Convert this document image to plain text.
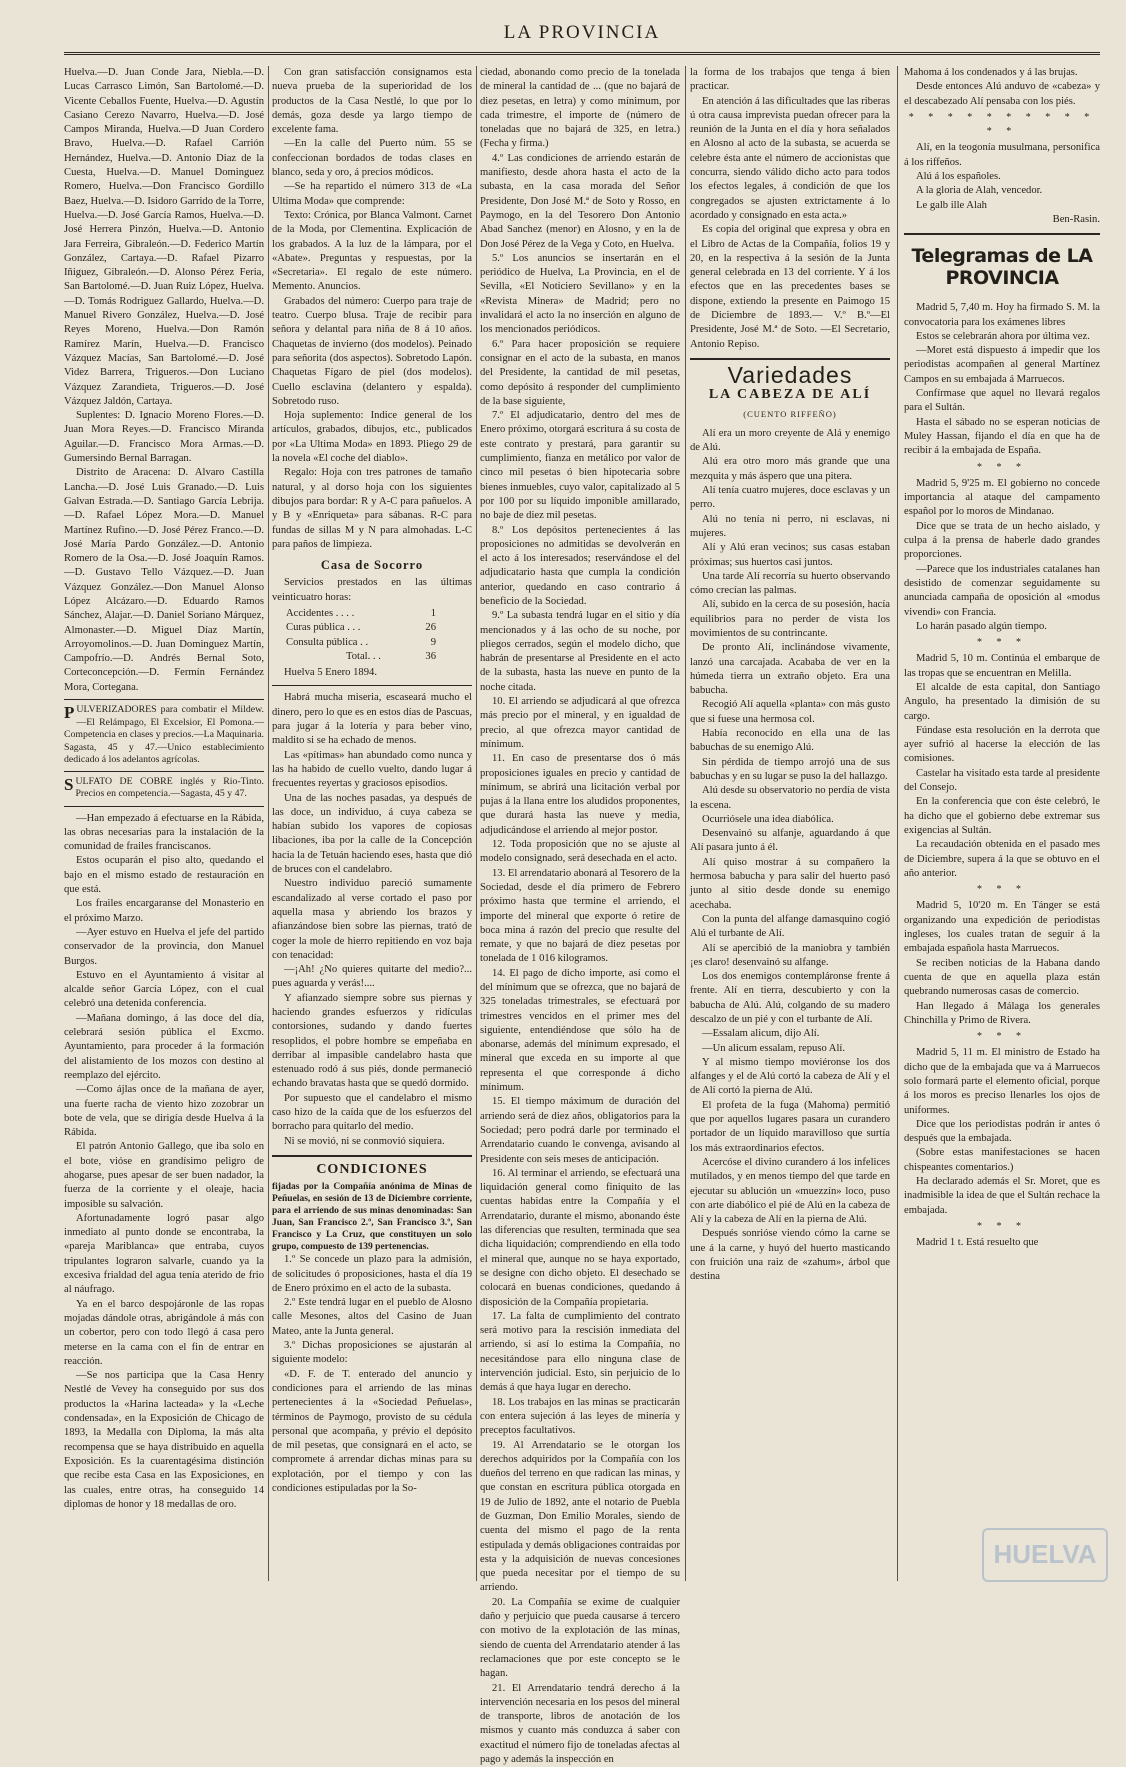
LA PROVINCIA

Huelva.—D. Juan Conde Jara, Niebla.—D. Lucas Carrasco Limón, San Bartolomé.—D. Vicente Ceballos Fuente, Huelva.—D. Agustín Casiano Cerezo Navarro, Huelva.—D. José Campos Miranda, Huelva.—D Juan Cordero Bravo, Huelva.—D. Rafael Carrión Hernández, Huelva.—D. Antonio Diaz de la Cuesta, Huelva.—D. Manuel Dominguez Romero, Huelva.—Don Francisco Gordillo Baez, Huelva.—D. Isidoro Garrido de la Torre, Huelva.—D. José García Ramos, Huelva.—D. José Herrera Pinzón, Huelva.—D. Antonio Jara Ferreira, Gibraleón.—D. Federico Martín González, Cartaya.—D. Rafael Pizarro Iñiguez, Gibraleón.—D. Alonso Pérez Feria, San Bartolomé.—D. Juan Ruiz López, Huelva.—D. Tomás Rodriguez Gallardo, Huelva.—D. Manuel Rivero González, Huelva.—D. José Reyes Moreno, Huelva.—Don Ramón Ramírez Marín, Huelva.—D. Francisco Vázquez Macías, San Bartolomé.—D. José Videz Barrera, Trigueros.—Don Luciano Vázquez Zarandieta, Trigueros.—D. José Vázquez Jaldón, Cartaya.

Suplentes: D. Ignacio Moreno Flores.—D. Juan Mora Reyes.—D. Francisco Miranda Aguilar.—D. Francisco Mora Armas.—D. Gumersindo Bernal Barragan.

Distrito de Aracena: D. Alvaro Castilla Lancha.—D. José Luis Granado.—D. Luis Galvan Estrada.—D. Santiago García Lebrija.—D. Rafael López Mora.—D. Manuel Martínez Rufino.—D. José Pérez Franco.—D. José María Pardo González.—D. Antonio Romero de la Osa.—D. José Joaquín Ramos.—D. Gustavo Tello Vázquez.—D. Juan Vázquez González.—Don Manuel Alonso López Alcázaro.—D. Eduardo Ramos Sánchez, Alajar.—D. Daniel Soriano Márquez, Almonaster.—D. Miguel Díaz Martín, Arroyomolinos.—D. Juan Dominguez Martín, Campofrío.—D. Andrés Bernal Soto, Corteconcepción.—D. Fermín Fernández Mora, Cortegana.

PULVERIZADORES para combatir el Mildew.—El Relámpago, El Excelsior, El Pomona.—Competencia en clases y precios.—La Maquinaria. Sagasta, 45 y 47.—Unico establecimiento dedicado á los adelantos agrícolas.
SULFATO DE COBRE inglés y Rio-Tinto. Precios en competencia.—Sagasta, 45 y 47.

—Han empezado á efectuarse en la Rábida, las obras necesarias para la instalación de la comunidad de frailes franciscanos.

Estos ocuparán el piso alto, quedando el bajo en el mismo estado de restauración en que está.

Los frailes encargaranse del Monasterio en el próximo Marzo.

—Ayer estuvo en Huelva el jefe del partido conservador de la provincia, don Manuel Burgos.

Estuvo en el Ayuntamiento á visitar al alcalde señor García López, con el cual celebró una detenida conferencia.

—Mañana domingo, á las doce del día, celebrará sesión pública el Excmo. Ayuntamiento, para proceder á la formación del alistamiento de los mozos con destino al reemplazo del ejército.

—Como ájlas once de la mañana de ayer, una fuerte racha de viento hizo zozobrar un bote de vela, que se dirigía desde Huelva á la Rábida.

El patrón Antonio Gallego, que iba solo en el bote, vióse en grandísimo peligro de ahogarse, pues apesar de ser buen nadador, la fuerza de la corriente y el oleaje, hacia imposible su salvación.

Afortunadamente logró pasar algo inmediato al punto donde se encontraba, la «pareja Mariblanca» que entraba, cuyos tripulantes lograron salvarle, cuando ya la excesiva frialdad del agua tenía aterido de frio al náufrago.

Ya en el barco despojáronle de las ropas mojadas dándole otras, abrigándole á más con un cobertor, pero con todo llegó á casa pero meterse en la cama con el fin de entrar en reacción.

—Se nos participa que la Casa Henry Nestlé de Vevey ha conseguido por sus dos productos la «Harina lacteada» y la «Leche condensada», en la Exposición de Chicago de 1893, la Medalla con Diploma, la más alta recompensa que se haya distribuido en aquella Exposición. Es la cuarentagésima distinción que recibe esta Casa en las Exposiciones, en las cuales, entre otras, ha conseguido 14 diplomas de honor y 18 medallas de oro.

Con gran satisfacción consignamos esta nueva prueba de la superioridad de los productos de la Casa Nestlé, lo que por lo demás, goza desde ya largo tiempo de excelente fama.

—En la calle del Puerto núm. 55 se confeccionan bordados de todas clases en blanco, seda y oro, á precios módicos.

—Se ha repartido el número 313 de «La Ultima Moda» que comprende:

Texto: Crónica, por Blanca Valmont. Carnet de la Moda, por Clementina. Explicación de los grabados. A la luz de la lámpara, por el «Abate». Preguntas y respuestas, por la «Secretaria». El regalo de este número. Memento. Anuncios.

Grabados del número: Cuerpo para traje de teatro. Cuerpo blusa. Traje de recibir para señora y delantal para niña de 8 á 10 años. Chaquetas de invierno (dos modelos). Peinado para señorita (dos aspectos). Sobretodo Lapón. Chaquetas Fígaro de piel (dos modelos). Cuello esclavina (delantero y espalda). Sobretodo ruso.

Hoja suplemento: Indice general de los artículos, grabados, dibujos, etc., publicados por «La Ultima Moda» en 1893. Pliego 29 de la novela «El coche del diablo».

Regalo: Hoja con tres patrones de tamaño natural, y al dorso hoja con los siguientes dibujos para bordar: R y A-C para pañuelos. A y B y «Enriqueta» para sábanas. R-C para fundas de sillas M y N para almohadas. L-C para paños de limpieza.

Casa de Socorro

Servicios prestados en las últimas veinticuatro horas:

Accidentes . . . .	1
Curas pública . . .	26
Consulta pública . .	9
Total. . .	36

Huelva 5 Enero 1894.

Habrá mucha miseria, escaseará mucho el dinero, pero lo que es en estos días de Pascuas, para jugar á la lotería y para beber vino, maldito si se ha echado de menos.

Las «pítimas» han abundado como nunca y las ha habido de cuello vuelto, dando lugar á frecuentes reyertas y graciosos episodios.

Una de las noches pasadas, ya después de las doce, un individuo, á cuya cabeza se habían subido los vapores de copiosas libaciones, iba por la calle de la Concepción hacia la de Tetuán haciendo eses, hasta que dió de bruces con el candelabro.

Nuestro individuo pareció sumamente escandalizado al verse cortado el paso por aquella masa y abriendo los brazos y afianzándose bien sobre las piernas, trató de coger la mole de hierro repitiendo en voz baja con tenacidad:

—¡Ah! ¿No quieres quitarte del medio?... pues aguarda y verás!....

Y afianzado siempre sobre sus piernas y haciendo grandes esfuerzos y ridículas contorsiones, sudando y dando fuertes resoplidos, el pobre hombre se empeñaba en derribar al impasible candelabro hasta que estenuado rodó á sus piés, donde permaneció echando bravatas hasta que se quedó dormido.

Por supuesto que el candelabro el mismo caso hizo de la caída que de los esfuerzos del borracho para quitarlo del medio.

Ni se movió, ni se conmovió siquiera.

CONDICIONES

fijadas por la Compañía anónima de Minas de Peñuelas, en sesión de 13 de Diciembre corriente, para el arriendo de sus minas denominadas: San Juan, San Francisco 2.º, San Francisco 3.º, San Francisco y La Cruz, que constituyen un solo grupo, compuesto de 139 pertenencias.

1.º Se concede un plazo para la admisión, de solicitudes ó proposiciones, hasta el día 19 de Enero próximo en el acto de la subasta.

2.º Este tendrá lugar en el pueblo de Alosno calle Mesones, altos del Casino de Juan Mateo, ante la Junta general.

3.º Dichas proposiciones se ajustarán al siguiente modelo:

«D. F. de T. enterado del anuncio y condiciones para el arriendo de las minas pertenecientes á la «Sociedad Peñuelas», términos de Paymogo, provisto de su cédula personal que acompaña, y prévio el depósito de mil pesetas, que consignará en el acto, se compromete á arrendar dichas minas para su explotación, por el tiempo y con las condiciones estipuladas por la So-

ciedad, abonando como precio de la tonelada de mineral la cantidad de ... (que no bajará de diez pesetas, en letra) y como mínimum, por cada trimestre, el importe de (número de toneladas que no bajará de 325, en letra.) (Fecha y firma.)

4.º Las condiciones de arriendo estarán de manifiesto, desde ahora hasta el acto de la subasta, en la casa morada del Señor Presidente, Don José M.ª de Soto y Rosso, en Paymogo, en la del Tesorero Don Antonio Abad Sanchez (menor) en Alosno, y en la de Don José Pérez de la Vega y Coto, en Huelva.

5.º Los anuncios se insertarán en el periódico de Huelva, La Provincia, en el de Sevilla, «El Noticiero Sevillano» y en la «Revista Minera» de Madrid; pero no invalidará el acto la no inserción en alguno de los mencionados periódicos.

6.º Para hacer proposición se requiere consignar en el acto de la subasta, en manos del Presidente, la cantidad de mil pesetas, como depósito á responder del cumplimiento de la base siguiente,

7.º El adjudicatario, dentro del mes de Enero próximo, otorgará escritura á su costa de este contrato y prestará, para garantir su cumplimiento, fianza en metálico por valor de cinco mil pesetas ó bien hipotecaria sobre bienes inmuebles, cuyo valor, capitalizado al 5 por 100 por su líquido imponible amillarado, no baje de diez mil pesetas.

8.º Los depósitos pertenecientes á las proposiciones no admitidas se devolverán en el acto á los interesados; reservándose el del adjudicatario hasta que cumpla la condición anterior, quedando en caso contrario á beneficio de la Sociedad.

9.º La subasta tendrá lugar en el sitio y día mencionados y á las ocho de su noche, por pliegos cerrados, según el modelo dicho, que habrán de presentarse al Presidente en el acto de la subasta, hasta las nueve en punto de la noche citada.

10. El arriendo se adjudicará al que ofrezca más precio por el mineral, y en igualdad de precio, al que ofrezca mayor cantidad de mínimum.

11. En caso de presentarse dos ó más proposiciones iguales en precio y cantidad de mínimum, se abrirá una licitación verbal por pujas á la llana entre los aludidos proponentes, que durará hasta las nueve y media, adjudicándose el arriendo al mejor postor.

12. Toda proposición que no se ajuste al modelo consignado, será desechada en el acto.

13. El arrendatario abonará al Tesorero de la Sociedad, desde el día primero de Febrero próximo hasta que termine el arriendo, el importe del mineral que exporte ó retire de boca mina á razón del precio que resulte del remate, y que no bajará de diez pesetas por tonelada de 1 016 kilogramos.

14. El pago de dicho importe, así como el del mínimum que se ofrezca, que no bajará de 325 toneladas trimestrales, se efectuará por trimestres vencidos en el primer mes del siguiente, entendiéndose que sólo ha de abonarse, además del mínimum expresado, el mineral que exceda en su importe al que representa el que corresponde á dicho mínimum.

15. El tiempo máximum de duración del arriendo será de diez años, obligatorios para la Sociedad; pero podrá darle por terminado el Arrendatario cuando le convenga, avisando al Presidente con seis meses de anticipación.

16. Al terminar el arriendo, se efectuará una liquidación general como finiquito de las cuentas habidas entre la Compañía y el Arrendatario, durante el mismo, abonando éste las diferencias que resulten, terminada que sea dicha liquidación; comprendiendo en ella todo el mineral que, aunque no se haya exportado, se designe con dicho objeto. El desechado se colocará en buenas condiciones, quedando á disposición de la Compañía propietaria.

17. La falta de cumplimiento del contrato será motivo para la rescisión inmediata del arriendo, si así lo estima la Compañía, no necesitándose para ello ninguna clase de intervención judicial. Esto, sin perjuicio de lo demás á que haya lugar en derecho.

18. Los trabajos en las minas se practicarán con entera sujeción á las leyes de minería y preceptos facultativos.

19. Al Arrendatario se le otorgan los derechos adquiridos por la Compañía con los dueños del terreno en que radican las minas, y que constan en escritura pública otorgada en 19 de Julio de 1892, ante el notario de Puebla de Guzman, Don Emilio Morales, siendo de cuenta del mismo el pago de la renta estipulada y demás obligaciones contraidas por esta y la adquisición de nuevas concesiones que pueda necesitar por el tiempo de su arriendo.

20. La Compañía se exime de cualquier daño y perjuicio que pueda causarse á tercero con motivo de la explotación de las minas, siendo de cuenta del Arrendatario atender á las reclamaciones que por este concepto se le hagan.

21. El Arrendatario tendrá derecho á la intervención necesaria en los pesos del mineral de transporte, libros de anotación de los mismos y cuanto más conduzca á saber con exactitud el número fijo de toneladas afectas al pago y además la inspección en

la forma de los trabajos que tenga á bien practicar.

En atención á las dificultades que las riberas ú otra causa imprevista puedan ofrecer para la reunión de la Junta en el día y hora señalados en Alosno al acto de la subasta, se acuerda se celebre ésta ante el número de accionistas que concurra, siendo válido dicho acto para todos los efectos legales, á condición de que los congregados se ajusten extrictamente á lo acordado y consignado en esta acta.»

Es copia del original que expresa y obra en el Libro de Actas de la Compañía, folios 19 y 20, en la respectiva á la sesión de la Junta general celebrada en 13 del corriente. Y á los efectos que en las precedentes bases se dispone, extiendo la presente en Paimogo 15 de Diciembre de 1893.— V.º B.º—El Presidente, José M.ª de Soto. —El Secretario, Antonio Repiso.

Variedades
LA CABEZA DE ALÍ
(CUENTO RIFFEÑO)

Alí era un moro creyente de Alá y enemigo de Alú.

Alú era otro moro más grande que una mezquita y más áspero que una pitera.

Alí tenía cuatro mujeres, doce esclavas y un perro.

Alú no tenía ni perro, ni esclavas, ni mujeres.

Alí y Alú eran vecinos; sus casas estaban próximas; sus huertos casi juntos.

Una tarde Alí recorría su huerto observando cómo crecían las palmas.

Alí, subido en la cerca de su posesión, hacía equilibrios para no perder de vista los movimientos de su contrincante.

De pronto Alí, inclinándose vivamente, lanzó una carcajada. Acababa de ver en la húmeda tierra un extraño objeto. Era una babucha.

Recogió Alí aquella «planta» con más gusto que si fuese una hermosa col.

Había reconocido en ella una de las babuchas de su enemigo Alú.

Sin pérdida de tiempo arrojó una de sus babuchas y en su lugar se puso la del hallazgo.

Alú desde su observatorio no perdía de vista la escena.

Ocurriósele una idea diabólica.

Desenvainó su alfanje, aguardando á que Alí pasara junto á él.

Alí quiso mostrar á su compañero la hermosa babucha y para salir del huerto pasó junto al sitio desde donde su enemigo acechaba.

Con la punta del alfange damasquino cogió Alú el turbante de Alí.

Alí se apercibió de la maniobra y también ¡es claro! desenvainó su alfange.

Los dos enemigos contempláronse frente á frente. Alí en tierra, descubierto y con la babucha de Alú. Alú, colgando de su madero descalzo de un pié y con el turbante de Alí.

—Essalam alicum, dijo Alí.

—Un alicum essalam, repuso Alí.

Y al mismo tiempo moviéronse los dos alfanges y el de Alú cortó la cabeza de Alí y el de Alí cortó la pierna de Alú.

El profeta de la fuga (Mahoma) permitió que por aquellos lugares pasara un curandero portador de un líquido maravilloso que surtía los más extraordinarios efectos.

Acercóse el divino curandero á los infelices mutilados, y en menos tiempo del que tarde en ejecutar su ablución un «muezzín» loco, puso con arte diabólico el pié de Alú en la cabeza de Alí y la cabeza de Alí en la pierna de Alú.

Después sonrióse viendo cómo la carne se une á la carne, y huyó del huerto masticando con fruición una raiz de «zahum», árbol que destina

Mahoma á los condenados y á las brujas.

Desde entonces Alú anduvo de «cabeza» y el descabezado Alí pensaba con los piés.

* * * * * * * * * * * *

Alí, en la teogonía musulmana, personifica á los riffeños.

Alú á los españoles.

A la gloria de Alah, vencedor.

Le galb ille Alah

Ben-Rasin.

Telegramas de LA PROVINCIA

Madrid 5, 7,40 m. Hoy ha firmado S. M. la convocatoria para los exámenes libres

Estos se celebrarán ahora por última vez.

—Moret está dispuesto á impedir que los periodistas acompañen al general Martínez Campos en su embajada á Marruecos.

Confírmase que aquel no llevará regalos para el Sultán.

Hasta el sábado no se esperan noticias de Muley Hassan, fijando el día en que ha de recibir á la embajada de España.

* * *

Madrid 5, 9'25 m. El gobierno no concede importancia al ataque del campamento español por lo moros de Mindanao.

Dice que se trata de un hecho aislado, y culpa á la prensa de haberle dado grandes proporciones.

—Parece que los industriales catalanes han desistido de comenzar seguidamente su anunciada campaña de oposición al «modus vivendi» con Francia.

Lo harán pasado algún tiempo.

* * *

Madrid 5, 10 m. Continúa el embarque de las tropas que se encuentran en Melilla.

El alcalde de esta capital, don Santiago Angulo, ha presentado la dimisión de su cargo.

Fúndase esta resolución en la derrota que ayer sufrió al hacerse la elección de las comisiones.

Castelar ha visitado esta tarde al presidente del Consejo.

En la conferencia que con éste celebró, le ha dicho que el gobierno debe extremar sus exigencias al Sultán.

La recaudación obtenida en el pasado mes de Diciembre, supera á la que se obtuvo en el año anterior.

* * *

Madrid 5, 10'20 m. En Tánger se está organizando una expedición de periodistas ingleses, los cuales tratan de seguir á la embajada española hasta Marruecos.

Se reciben noticias de la Habana dando cuenta de que en aquella plaza están quebrando numerosas casas de comercio.

Han llegado á Málaga los generales Chinchilla y Primo de Rivera.

* * *

Madrid 5, 11 m. El ministro de Estado ha dicho que de la embajada que va á Marruecos solo formará parte el elemento oficial, porque á los moros es preciso llenarles los ojos de uniformes.

Dice que los periodistas podrán ir antes ó después que la embajada.

(Sobre estas manifestaciones se hacen chispeantes comentarios.)

Ha declarado además el Sr. Moret, que es inadmisible la idea de que el Sultán rechace la embajada.

* * *

Madrid 1 t. Está resuelto que

HUELVA
